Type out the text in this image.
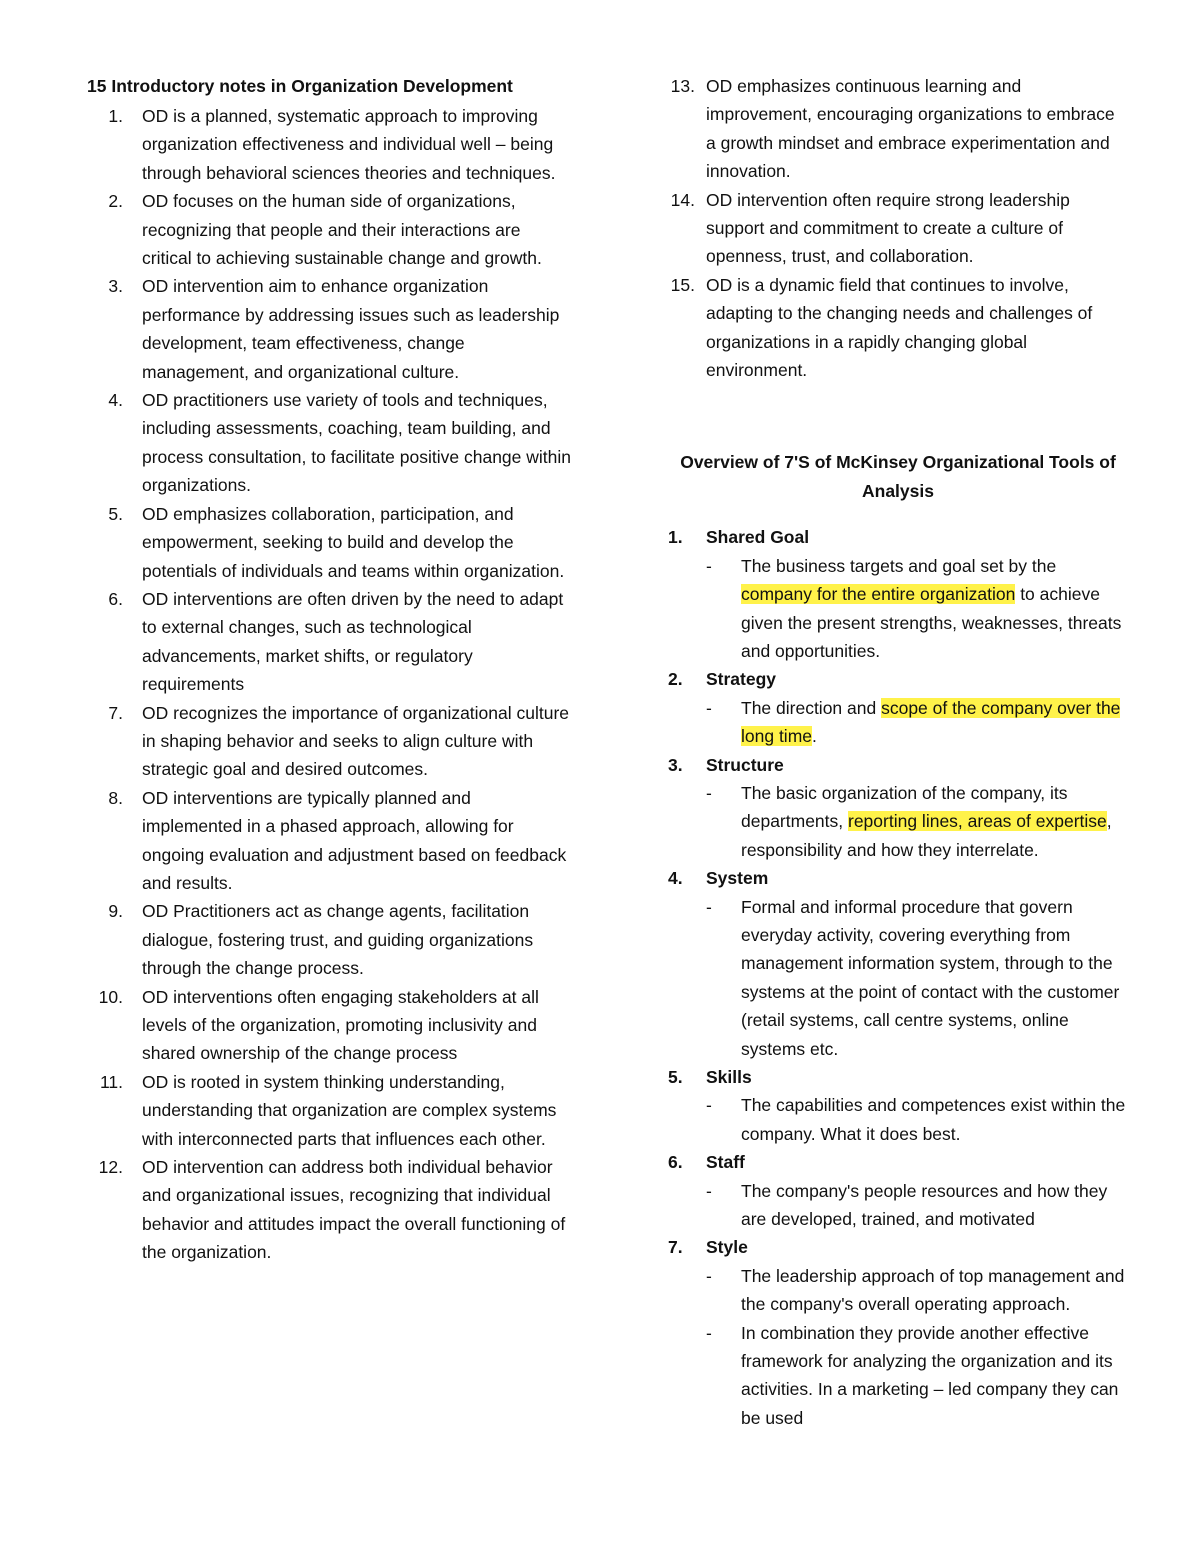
15 Introductory notes in Organization Development
1. OD is a planned, systematic approach to improving organization effectiveness and individual well – being through behavioral sciences theories and techniques.
2. OD focuses on the human side of organizations, recognizing that people and their interactions are critical to achieving sustainable change and growth.
3. OD intervention aim to enhance organization performance by addressing issues such as leadership development, team effectiveness, change management, and organizational culture.
4. OD practitioners use variety of tools and techniques, including assessments, coaching, team building, and process consultation, to facilitate positive change within organizations.
5. OD emphasizes collaboration, participation, and empowerment, seeking to build and develop the potentials of individuals and teams within organization.
6. OD interventions are often driven by the need to adapt to external changes, such as technological advancements, market shifts, or regulatory requirements
7. OD recognizes the importance of organizational culture in shaping behavior and seeks to align culture with strategic goal and desired outcomes.
8. OD interventions are typically planned and implemented in a phased approach, allowing for ongoing evaluation and adjustment based on feedback and results.
9. OD Practitioners act as change agents, facilitation dialogue, fostering trust, and guiding organizations through the change process.
10. OD interventions often engaging stakeholders at all levels of the organization, promoting inclusivity and shared ownership of the change process
11. OD is rooted in system thinking understanding, understanding that organization are complex systems with interconnected parts that influences each other.
12. OD intervention can address both individual behavior and organizational issues, recognizing that individual behavior and attitudes impact the overall functioning of the organization.
13. OD emphasizes continuous learning and improvement, encouraging organizations to embrace a growth mindset and embrace experimentation and innovation.
14. OD intervention often require strong leadership support and commitment to create a culture of openness, trust, and collaboration.
15. OD is a dynamic field that continues to involve, adapting to the changing needs and challenges of organizations in a rapidly changing global environment.
Overview of 7'S of McKinsey Organizational Tools of Analysis
1. Shared Goal
- The business targets and goal set by the company for the entire organization to achieve given the present strengths, weaknesses, threats and opportunities.
2. Strategy
- The direction and scope of the company over the long time.
3. Structure
- The basic organization of the company, its departments, reporting lines, areas of expertise, responsibility and how they interrelate.
4. System
- Formal and informal procedure that govern everyday activity, covering everything from management information system, through to the systems at the point of contact with the customer (retail systems, call centre systems, online systems etc.
5. Skills
- The capabilities and competences exist within the company. What it does best.
6. Staff
- The company's people resources and how they are developed, trained, and motivated
7. Style
- The leadership approach of top management and the company's overall operating approach.
- In combination they provide another effective framework for analyzing the organization and its activities. In a marketing – led company they can be used
